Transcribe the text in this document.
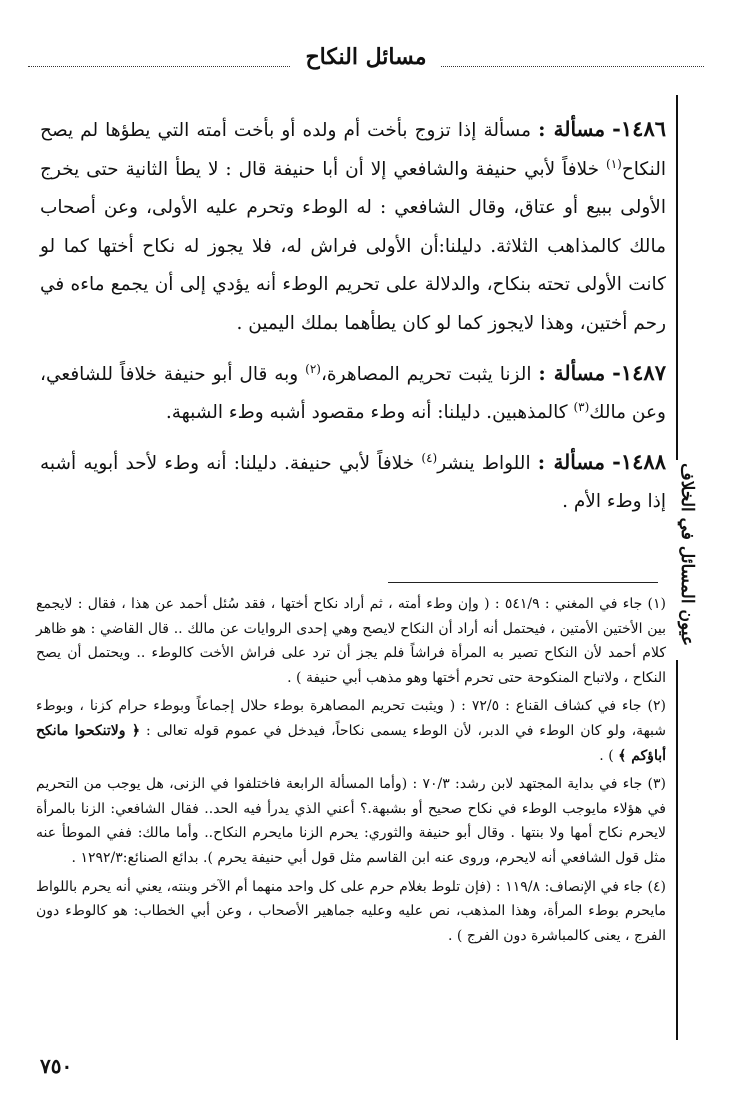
مسائل النكاح
عيون المسائل في الخلاف

١٤٨٦- مسألة : مسألة إذا تزوج بأخت أم ولده أو بأخت أمته التي يطؤها لم يصح النكاح$^{(١)}$ خلافاً لأبي حنيفة والشافعي إلا أن أبا حنيفة قال : لا يطأ الثانية حتى يخرج الأولى ببيع أو عتاق، وقال الشافعي : له الوطء وتحرم عليه الأولى، وعن أصحاب مالك كالمذاهب الثلاثة. دليلنا:أن الأولى فراش له، فلا يجوز له نكاح أختها كما لو كانت الأولى تحته بنكاح، والدلالة على تحريم الوطء أنه يؤدي إلى أن يجمع ماءه في رحم أختين، وهذا لايجوز كما لو كان يطأهما بملك اليمين .

١٤٨٧- مسألة : الزنا يثبت تحريم المصاهرة،$^{(٢)}$ وبه قال أبو حنيفة خلافاً للشافعي، وعن مالك$^{(٣)}$ كالمذهبين. دليلنا: أنه وطء مقصود أشبه وطء الشبهة.

١٤٨٨- مسألة : اللواط ينشر$^{(٤)}$ خلافاً لأبي حنيفة. دليلنا: أنه وطء لأحد أبويه أشبه إذا وطء الأم .

(١) جاء في المغني : ٥٤١/٩ : ( وإن وطء أمته ، ثم أراد نكاح أختها ، فقد سُئل أحمد عن هذا ، فقال : لايجمع بين الأختين الأمتين ، فيحتمل أنه أراد أن النكاح لايصح وهي إحدى الروايات عن مالك .. قال القاضي : هو ظاهر كلام أحمد لأن النكاح تصير به المرأة فراشاً فلم يجز أن ترد على فراش الأخت كالوطء .. ويحتمل أن يصح النكاح ، ولاتباح المنكوحة حتى تحرم أختها وهو مذهب أبي حنيفة ) .

(٢) جاء في كشاف القناع : ٧٢/٥ : ( ويثبت تحريم المصاهرة بوطء حلال إجماعاً وبوطء حرام كزنا ، وبوطء شبهة، ولو كان الوطء في الدبر، لأن الوطء يسمى نكاحاً، فيدخل في عموم قوله تعالى : ﴿ ولاتنكحوا مانكح أباؤكم ﴾ ) .

(٣) جاء في بداية المجتهد لابن رشد: ٧٠/٣ : (وأما المسألة الرابعة فاختلفوا في الزنى، هل يوجب من التحريم في هؤلاء مايوجب الوطء في نكاح صحيح أو بشبهة.؟ أعني الذي يدرأ فيه الحد.. فقال الشافعي: الزنا بالمرأة لايحرم نكاح أمها ولا بنتها . وقال أبو حنيفة والثوري: يحرم الزنا مايحرم النكاح.. وأما مالك: ففي الموطأ عنه مثل قول الشافعي أنه لايحرم، وروى عنه ابن القاسم مثل قول أبي حنيفة يحرم ). بدائع الصنائع:١٢٩٢/٣ .

(٤) جاء في الإنصاف: ١١٩/٨ : (فإن تلوط بغلام حرم على كل واحد منهما أم الآخر وبنته، يعني أنه يحرم باللواط مايحرم بوطء المرأة، وهذا المذهب، نص عليه وعليه جماهير الأصحاب ، وعن أبي الخطاب: هو كالوطء دون الفرج ، يعنى كالمباشرة دون الفرج ) .

٧٥٠
